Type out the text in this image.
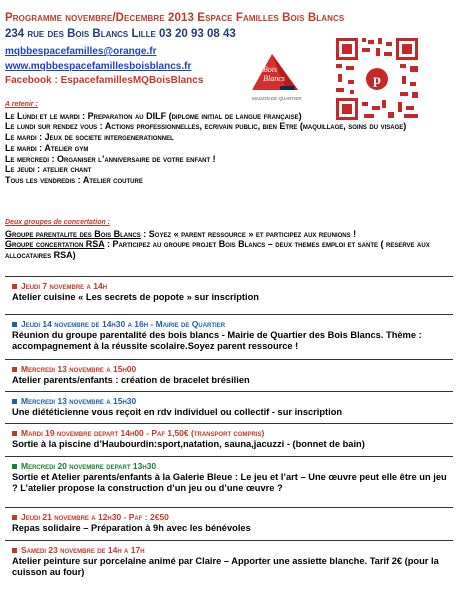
Programme novembre/Decembre 2013 Espace Familles Bois Blancs
234 rue des Bois Blancs Lille 03 20 93 08 43
mqbbespacefamilles@orange.fr
www.mqbbespacefamillesboisblancs.fr
Facebook : EspacefamillesMQBoisBlancs
Bois
Blancs
MAISON DE QUARTIER
p
A retenir :
Le Lundi et le mardi : Preparation au DILF (diplome initial de langue française)
Le lundi sur rendez vous : Actions professionnelles, ecrivain public, bien Etre (maquillage, soins du visage)
Le mardi : Jeux de societe intergenerationnel
Le mardi : Atelier gym
Le mercredi : Organiser l’anniversaire de votre enfant !
Le jeudi : atelier chant
Tous les vendredis : Atelier couture
Deux groupes de concertation :
Groupe parentalite des Bois Blancs : Soyez « parent ressource » et participez aux reunions !
Groupe concertation RSA : Participez au groupe projet Bois Blancs – deux themes emploi et sante ( reserve aux allocataires RSA)
Jeudi 7 novembre a 14h
Atelier cuisine « Les secrets de popote » sur inscription
Jeudi 14 novembre de 14h30 a 16h - Mairie de Quartier
Réunion du groupe parentalité des bois blancs - Mairie de Quartier des Bois Blancs. Thème : accompagnement à la réussite scolaire.Soyez parent ressource !
Mercredi 13 novembre a 15h00
Atelier parents/enfants : création de bracelet brésilien
Mercredi 13 novembre a 15h30
Une diététicienne vous reçoit en rdv individuel ou collectif - sur inscription
Mardi 19 novembre depart 14h00 - Paf 1,50€ (transport compris)
Sortie à la piscine d’Haubourdin:sport,natation, sauna,jacuzzi - (bonnet de bain)
Mercredi 20 novembre depart 13h30
Sortie et Atelier parents/enfants à la Galerie Bleue : Le jeu et l’art – Une œuvre peut elle être un jeu ? L’atelier propose la construction d’un jeu ou d’une œuvre ?
Jeudi 21 novembre a 12h30 - Paf : 2€50
Repas solidaire – Préparation à 9h avec les bénévoles
Samedi 23 novembre de 14h a 17h
Atelier peinture sur porcelaine animé par Claire – Apporter une assiette blanche. Tarif 2€ (pour la cuisson au four)
